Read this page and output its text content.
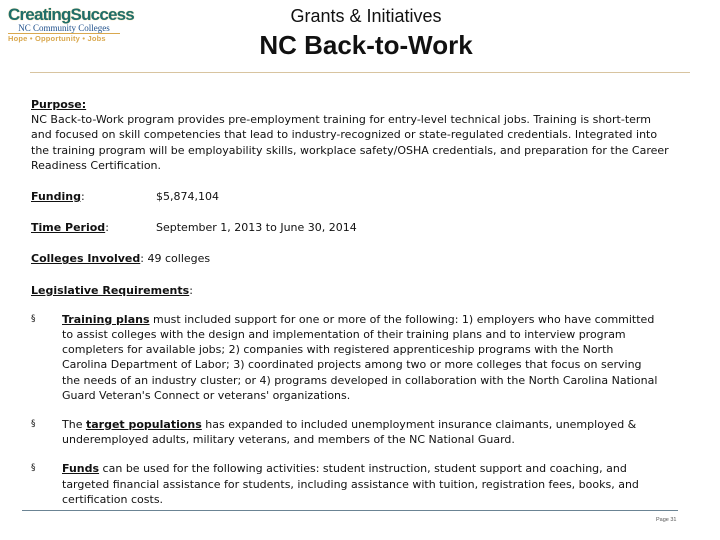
CreatingSuccess
NC Community Colleges
Hope • Opportunity • Jobs
Grants & Initiatives
NC Back-to-Work

Purpose:

NC Back-to-Work program provides pre-employment training for entry-level technical jobs. Training is short-term and focused on skill competencies that lead to industry-recognized or state-regulated credentials. Integrated into the training program will be employability skills, workplace safety/OSHA credentials, and preparation for the Career Readiness Certification.

Funding:	$5,874,104
Time Period:	September 1, 2013 to June 30, 2014
Colleges Involved : 49 colleges
Legislative Requirements:
§ Training plans must included support for one or more of the following: 1) employers who have committed to assist colleges with the design and implementation of their training plans and to interview program completers for available jobs; 2) companies with registered apprenticeship programs with the North Carolina Department of Labor; 3) coordinated projects among two or more colleges that focus on serving the needs of an industry cluster; or 4) programs developed in collaboration with the North Carolina National Guard Veteran's Connect or veterans' organizations.
§ The target populations has expanded to included unemployment insurance claimants, unemployed & underemployed adults, military veterans, and members of the NC National Guard.
§ Funds can be used for the following activities: student instruction, student support and coaching, and targeted financial assistance for students, including assistance with tuition, registration fees, books, and certification costs.
Page 31
